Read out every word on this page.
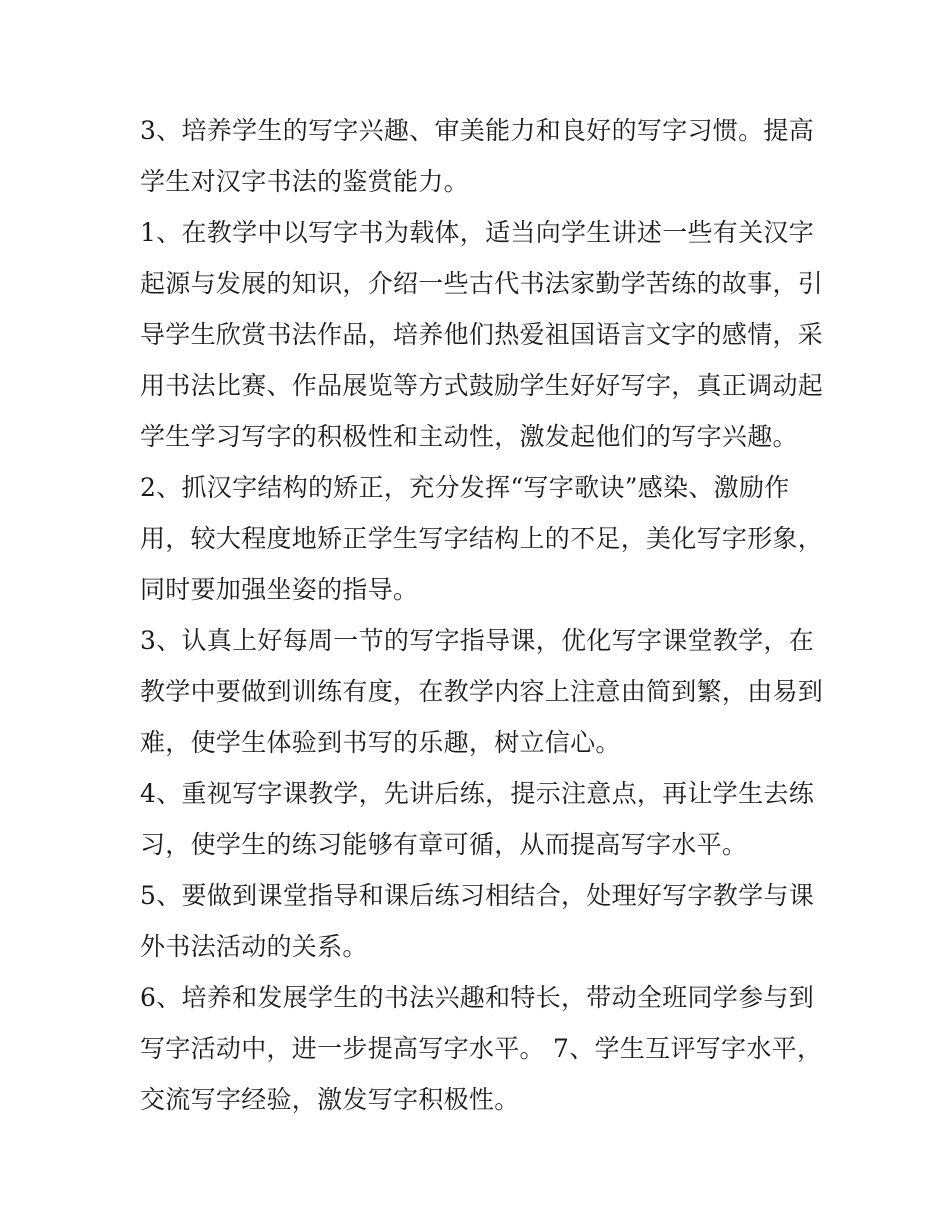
3、培养学生的写字兴趣、审美能力和良好的写字习惯。提高
学生对汉字书法的鉴赏能力。
1、在教学中以写字书为载体，适当向学生讲述一些有关汉字
起源与发展的知识，介绍一些古代书法家勤学苦练的故事，引
导学生欣赏书法作品，培养他们热爱祖国语言文字的感情，采
用书法比赛、作品展览等方式鼓励学生好好写字，真正调动起
学生学习写字的积极性和主动性，激发起他们的写字兴趣。
2、抓汉字结构的矫正，充分发挥“写字歌诀”感染、激励作
用，较大程度地矫正学生写字结构上的不足，美化写字形象，
同时要加强坐姿的指导。
3、认真上好每周一节的写字指导课，优化写字课堂教学，在
教学中要做到训练有度，在教学内容上注意由简到繁，由易到
难，使学生体验到书写的乐趣，树立信心。
4、重视写字课教学，先讲后练，提示注意点，再让学生去练
习，使学生的练习能够有章可循，从而提高写字水平。
5、要做到课堂指导和课后练习相结合，处理好写字教学与课
外书法活动的关系。
6、培养和发展学生的书法兴趣和特长，带动全班同学参与到
写字活动中，进一步提高写字水平。 7、学生互评写字水平，
交流写字经验，激发写字积极性。
